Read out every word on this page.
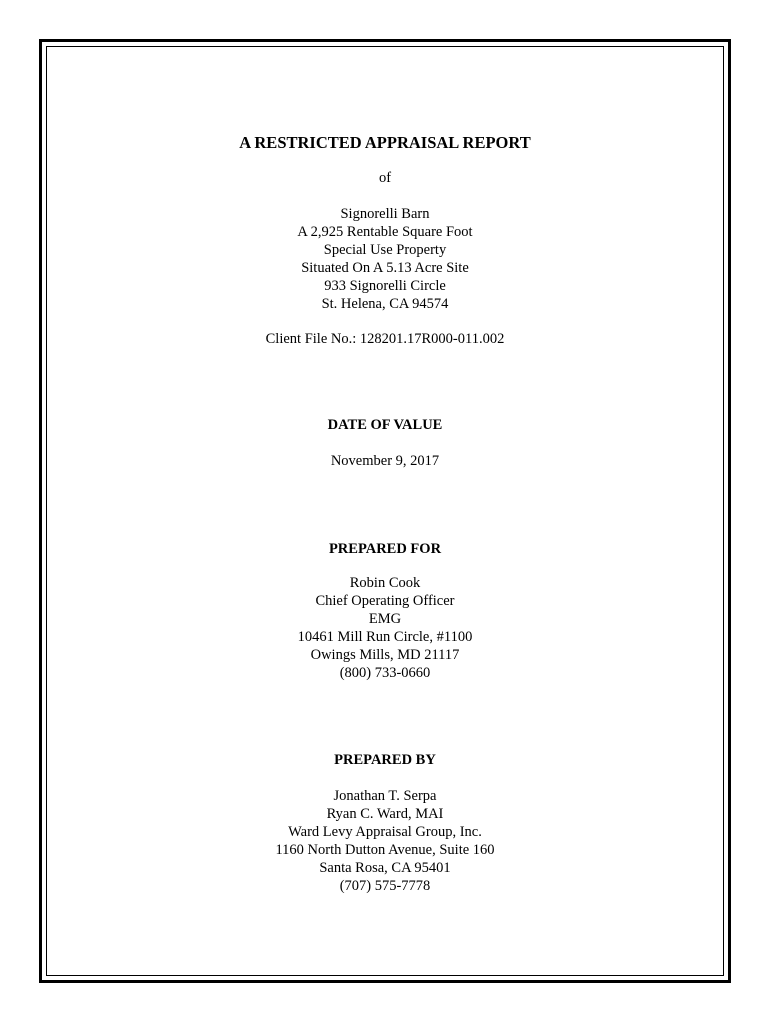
A RESTRICTED APPRAISAL REPORT
of
Signorelli Barn
A 2,925 Rentable Square Foot
Special Use Property
Situated On A 5.13 Acre Site
933 Signorelli Circle
St. Helena, CA 94574
Client File No.: 128201.17R000-011.002
DATE OF VALUE
November 9, 2017
PREPARED FOR
Robin Cook
Chief Operating Officer
EMG
10461 Mill Run Circle, #1100
Owings Mills, MD 21117
(800) 733-0660
PREPARED BY
Jonathan T. Serpa
Ryan C. Ward, MAI
Ward Levy Appraisal Group, Inc.
1160 North Dutton Avenue, Suite 160
Santa Rosa, CA 95401
(707) 575-7778
